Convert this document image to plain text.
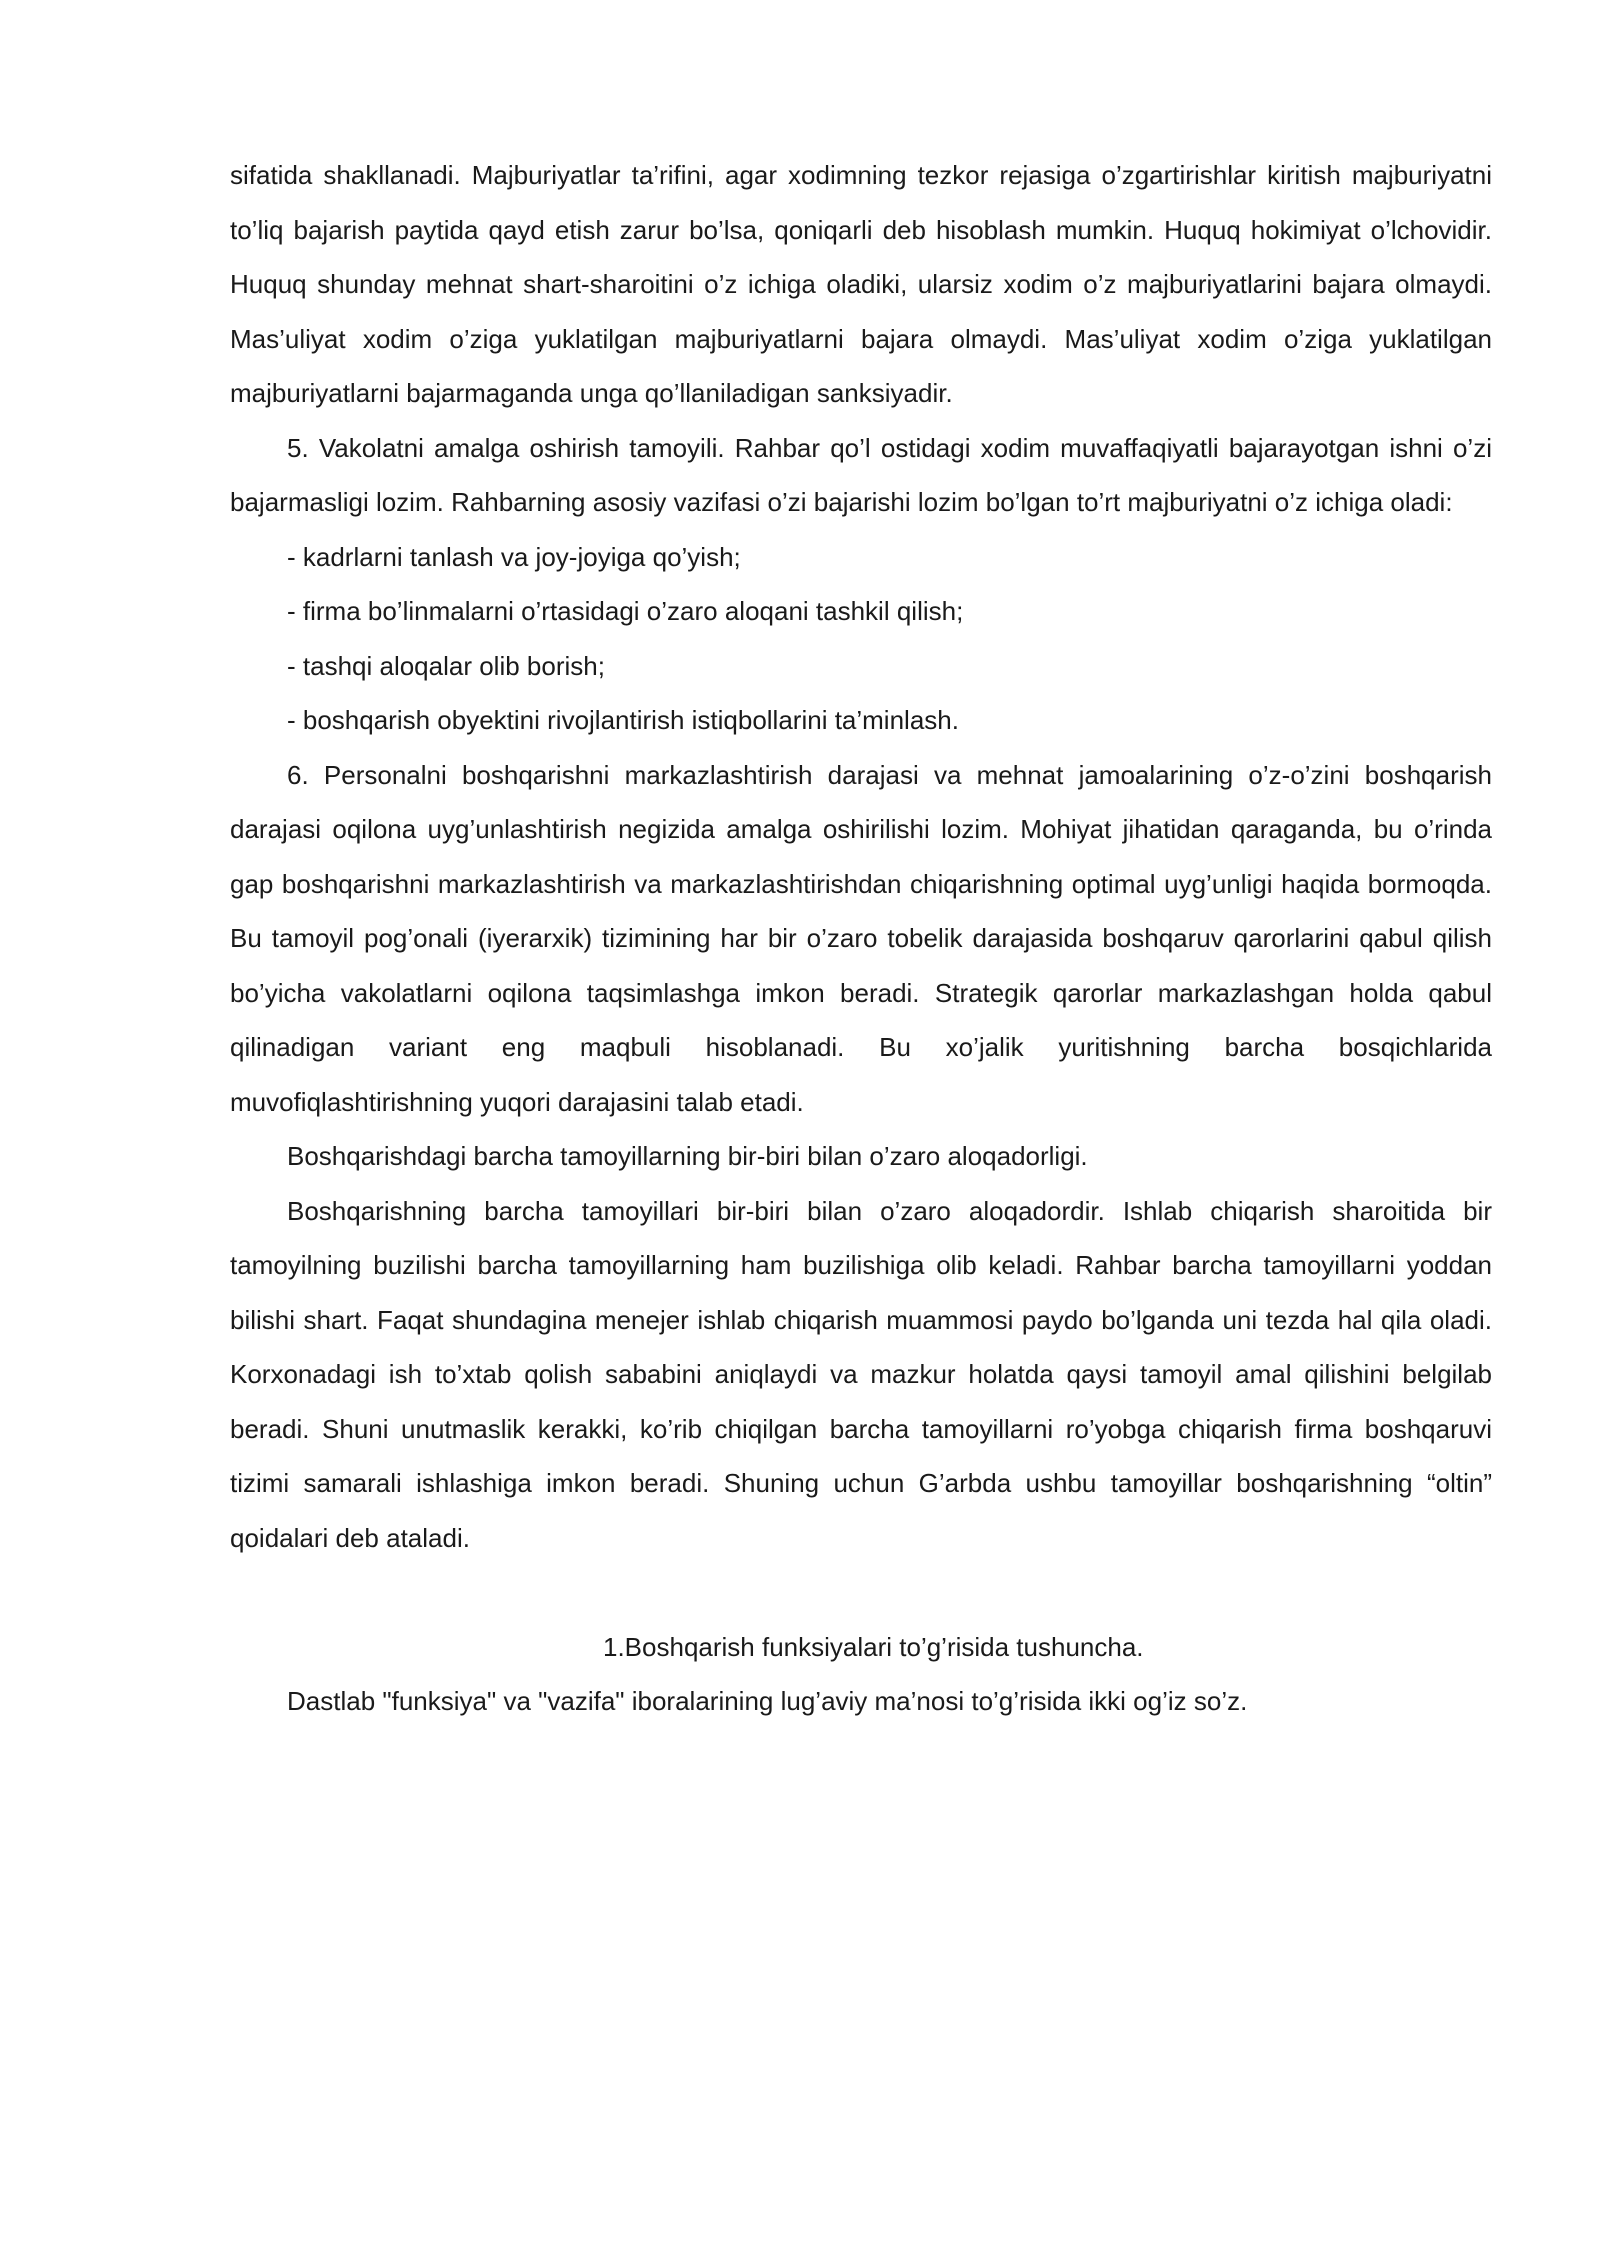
sifatida shakllanadi. Majburiyatlar ta’rifini, agar xodimning tezkor rejasiga o’zgartirishlar kiritish majburiyatni to’liq bajarish paytida qayd etish zarur bo’lsa, qoniqarli deb hisoblash mumkin. Huquq hokimiyat o’lchovidir. Huquq shunday mehnat shart-sharoitini o’z ichiga oladiki, ularsiz xodim o’z majburiyatlarini bajara olmaydi. Mas’uliyat xodim o’ziga yuklatilgan majburiyatlarni bajara olmaydi. Mas’uliyat xodim o’ziga yuklatilgan majburiyatlarni bajarmaganda unga qo’llaniladigan sanksiyadir.

5. Vakolatni amalga oshirish tamoyili. Rahbar qo’l ostidagi xodim muvaffaqiyatli bajarayotgan ishni o’zi bajarmasligi lozim. Rahbarning asosiy vazifasi o’zi bajarishi lozim bo’lgan to’rt majburiyatni o’z ichiga oladi:

- kadrlarni tanlash va joy-joyiga qo’yish;

- firma bo’linmalarni o’rtasidagi o’zaro aloqani tashkil qilish;

- tashqi aloqalar olib borish;

- boshqarish obyektini rivojlantirish istiqbollarini ta’minlash.

6. Personalni boshqarishni markazlashtirish darajasi va mehnat jamoalarining o’z-o’zini boshqarish darajasi oqilona uyg’unlashtirish negizida amalga oshirilishi lozim. Mohiyat jihatidan qaraganda, bu o’rinda gap boshqarishni markazlashtirish va markazlashtirishdan chiqarishning optimal uyg’unligi haqida bormoqda. Bu tamoyil pog’onali (iyerarxik) tizimining har bir o’zaro tobelik darajasida boshqaruv qarorlarini qabul qilish bo’yicha vakolatlarni oqilona taqsimlashga imkon beradi. Strategik qarorlar markazlashgan holda qabul qilinadigan variant eng maqbuli hisoblanadi. Bu xo’jalik yuritishning barcha bosqichlarida muvofiqlashtirishning yuqori darajasini talab etadi.

Boshqarishdagi barcha tamoyillarning bir-biri bilan o’zaro aloqadorligi.

Boshqarishning barcha tamoyillari bir-biri bilan o’zaro aloqadordir. Ishlab chiqarish sharoitida bir tamoyilning buzilishi barcha tamoyillarning ham buzilishiga olib keladi. Rahbar barcha tamoyillarni yoddan bilishi shart. Faqat shundagina menejer ishlab chiqarish muammosi paydo bo’lganda uni tezda hal qila oladi. Korxonadagi ish to’xtab qolish sababini aniqlaydi va mazkur holatda qaysi tamoyil amal qilishini belgilab beradi. Shuni unutmaslik kerakki, ko’rib chiqilgan barcha tamoyillarni ro’yobga chiqarish firma boshqaruvi tizimi samarali ishlashiga imkon beradi. Shuning uchun G’arbda ushbu tamoyillar boshqarishning “oltin” qoidalari deb ataladi.

1.Boshqarish funksiyalari to’g’risida tushuncha.

Dastlab "funksiya" va "vazifa" iboralarining lug’aviy ma’nosi to’g’risida ikki og’iz so’z.
